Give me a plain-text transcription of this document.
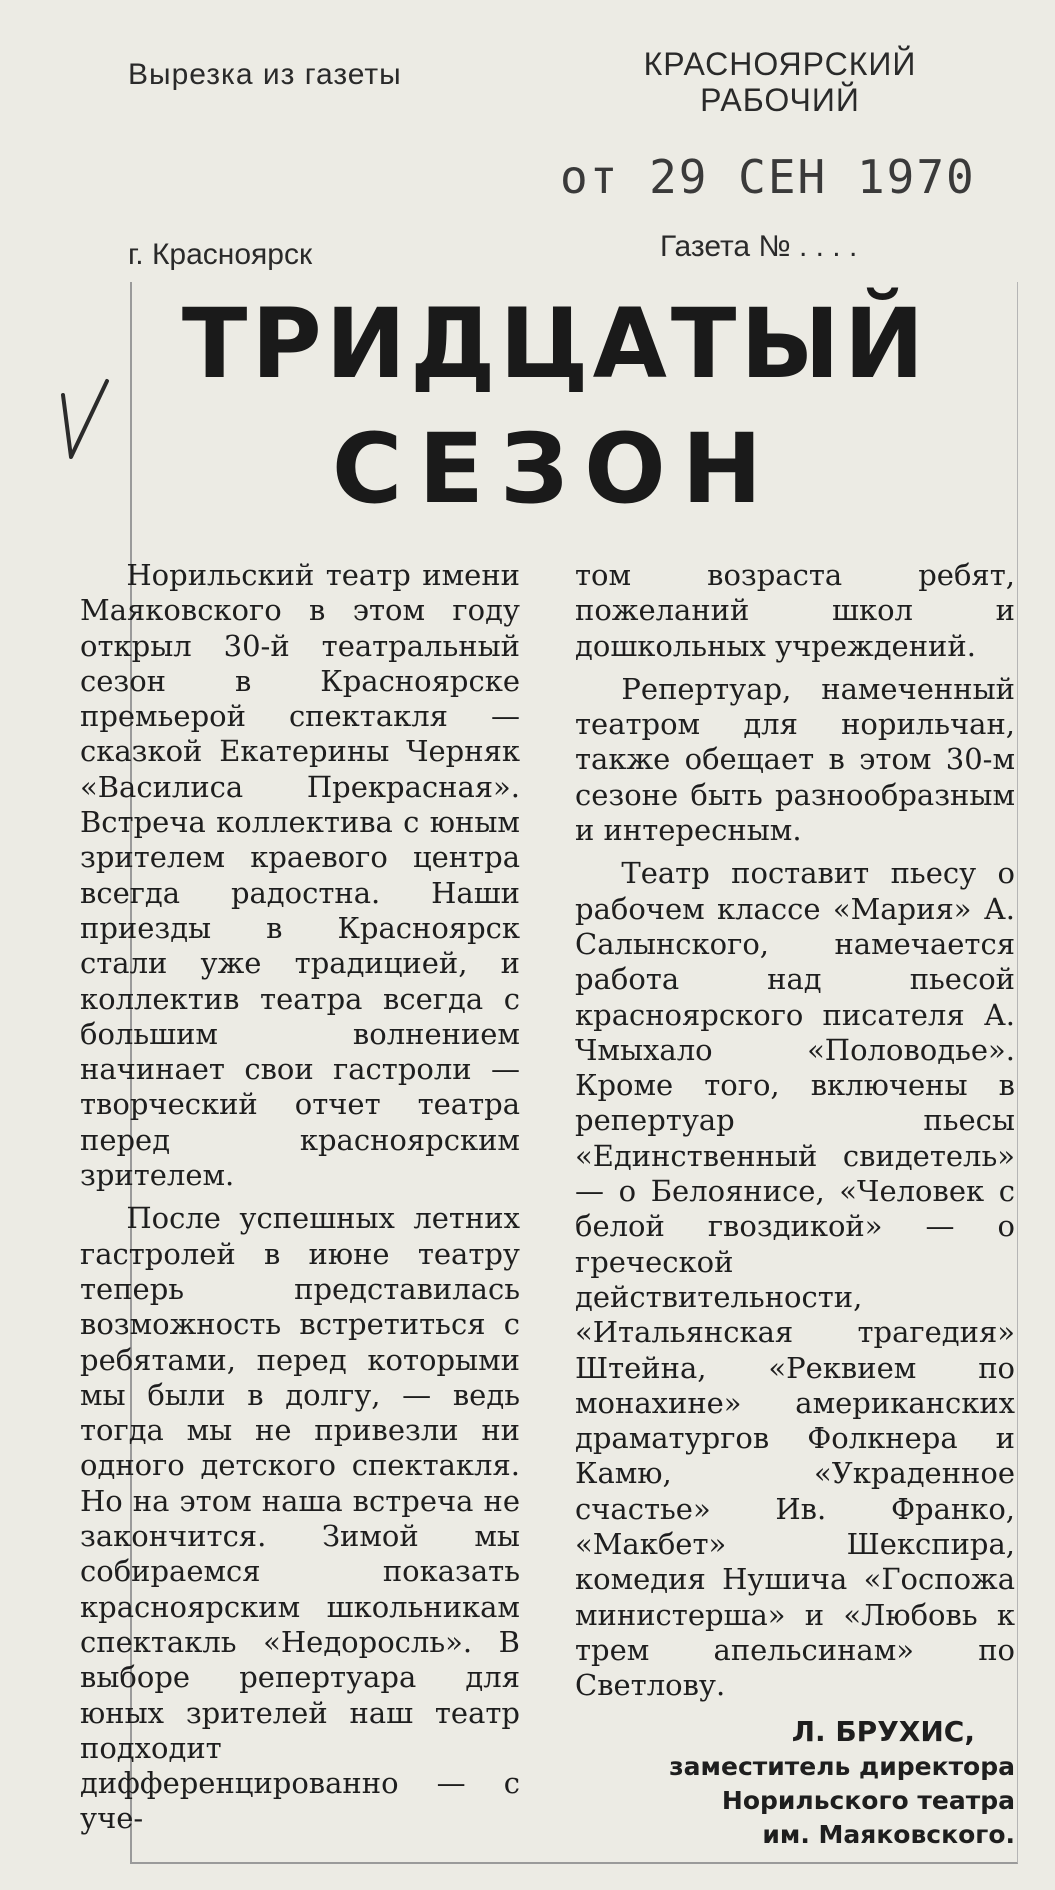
Вырезка из газеты	КРАСНОЯРСКИЙ
РАБОЧИЙ
от 29 СЕН 1970
г. Красноярск	Газета № . . . .
ТРИДЦАТЫЙ
СЕЗОН

Норильский театр имени Маяковского в этом году открыл 30-й театральный сезон в Красноярске премьерой спектакля — сказкой Екатерины Черняк «Василиса Прекрасная». Встреча коллектива с юным зрителем краевого центра всегда радостна. Наши приезды в Красноярск стали уже традицией, и коллектив театра всегда с большим волнением начинает свои гастроли — творческий отчет театра перед красноярским зрителем.

После успешных летних гастролей в июне театру теперь представилась возможность встретиться с ребятами, перед которыми мы были в долгу, — ведь тогда мы не привезли ни одного детского спектакля. Но на этом наша встреча не закончится. Зимой мы собираемся показать красноярским школьникам спектакль «Недоросль». В выборе репертуара для юных зрителей наш театр подходит дифференцированно — с уче-

том возраста ребят, пожеланий школ и дошкольных учреждений.

Репертуар, намеченный театром для норильчан, также обещает в этом 30-м сезоне быть разнообразным и интересным.

Театр поставит пьесу о рабочем классе «Мария» А. Салынского, намечается работа над пьесой красноярского писателя А. Чмыхало «Половодье». Кроме того, включены в репертуар пьесы «Единственный свидетель» — о Белоянисе, «Человек с белой гвоздикой» — о греческой действительности, «Итальянская трагедия» Штейна, «Реквием по монахине» американских драматургов Фолкнера и Камю, «Украденное счастье» Ив. Франко, «Макбет» Шекспира, комедия Нушича «Госпожа министерша» и «Любовь к трем апельсинам» по Светлову.

Л. БРУХИС,
заместитель директора
Норильского театра
им. Маяковского.
